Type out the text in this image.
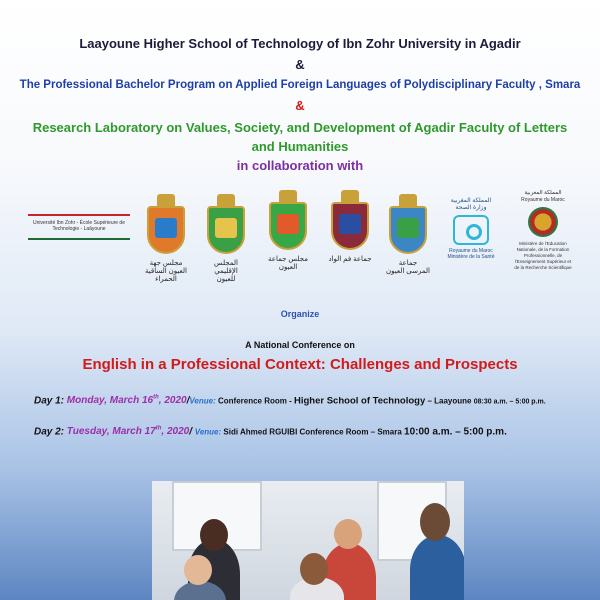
Laayoune Higher School of Technology of Ibn Zohr University in Agadir
&
The Professional Bachelor Program on Applied Foreign Languages of Polydisciplinary Faculty , Smara
&
Research Laboratory on Values, Society, and Development of Agadir Faculty of Letters and Humanities
in collaboration with
Université Ibn Zohr - École Supérieure de Technologie - Laâyoune
مجلس جهة العيون الساقية الحمراء
المجلس الإقليمي للعيون
مجلس جماعة العيون
جماعة فم الواد
جماعة المرسى العيون
المملكة المغربية وزارة الصحة
Royaume du Maroc Ministère de la Santé
المملكة المغربية
Royaume du Maroc
Ministère de l'Education Nationale, de la Formation Professionnelle, de l'Enseignement Supérieur et de la Recherche Scientifique
Organize
A National Conference on
English in a Professional Context: Challenges and Prospects
Day 1: Monday, March 16th, 2020/Venue: Conference Room - Higher School of Technology – Laayoune 08:30 a.m. – 5:00 p.m.
Day 2: Tuesday, March 17th, 2020/ Venue: Sidi Ahmed RGUIBI Conference Room – Smara 10:00 a.m. – 5:00 p.m.
